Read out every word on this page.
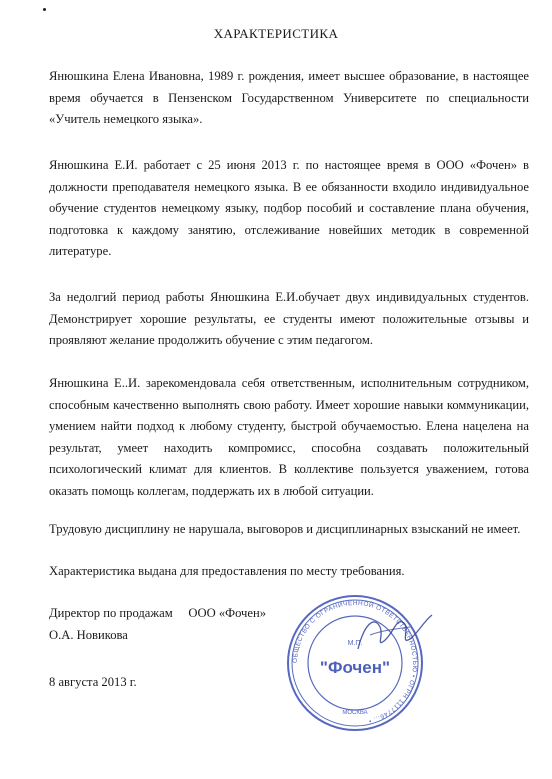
ХАРАКТЕРИСТИКА
Янюшкина Елена Ивановна, 1989 г. рождения, имеет высшее образование, в настоящее время обучается в Пензенском Государственном Университете по специальности «Учитель немецкого языка».
Янюшкина Е.И. работает с 25 июня 2013 г. по настоящее время в ООО «Фочен» в должности преподавателя немецкого языка. В ее обязанности входило индивидуальное обучение студентов немецкому языку, подбор пособий и составление плана обучения, подготовка к каждому занятию, отслеживание новейших методик в современной литературе.
За недолгий период работы Янюшкина Е.И.обучает двух индивидуальных студентов. Демонстрирует хорошие результаты, ее студенты имеют положительные отзывы и проявляют желание продолжить обучение с этим педагогом.
Янюшкина Е..И. зарекомендовала себя ответственным, исполнительным сотрудником, способным качественно выполнять свою работу. Имеет хорошие навыки коммуникации, умением найти подход к любому студенту, быстрой обучаемостью. Елена нацелена на результат, умеет находить компромисс, способна создавать положительный психологический климат для клиентов. В коллективе пользуется уважением, готова оказать помощь коллегам, поддержать их в любой ситуации.
Трудовую дисциплину не нарушала, выговоров и дисциплинарных взысканий не имеет.
Характеристика выдана для предоставления по месту требования.
Директор по продажам     ООО «Фочен»
О.А. Новикова
8 августа 2013 г.
ОБЩЕСТВО С ОГРАНИЧЕННОЙ ОТВЕТСТВЕННОСТЬЮ • ОГРН 1117746... •
М.П.
"Фочен"
МОСКВА
